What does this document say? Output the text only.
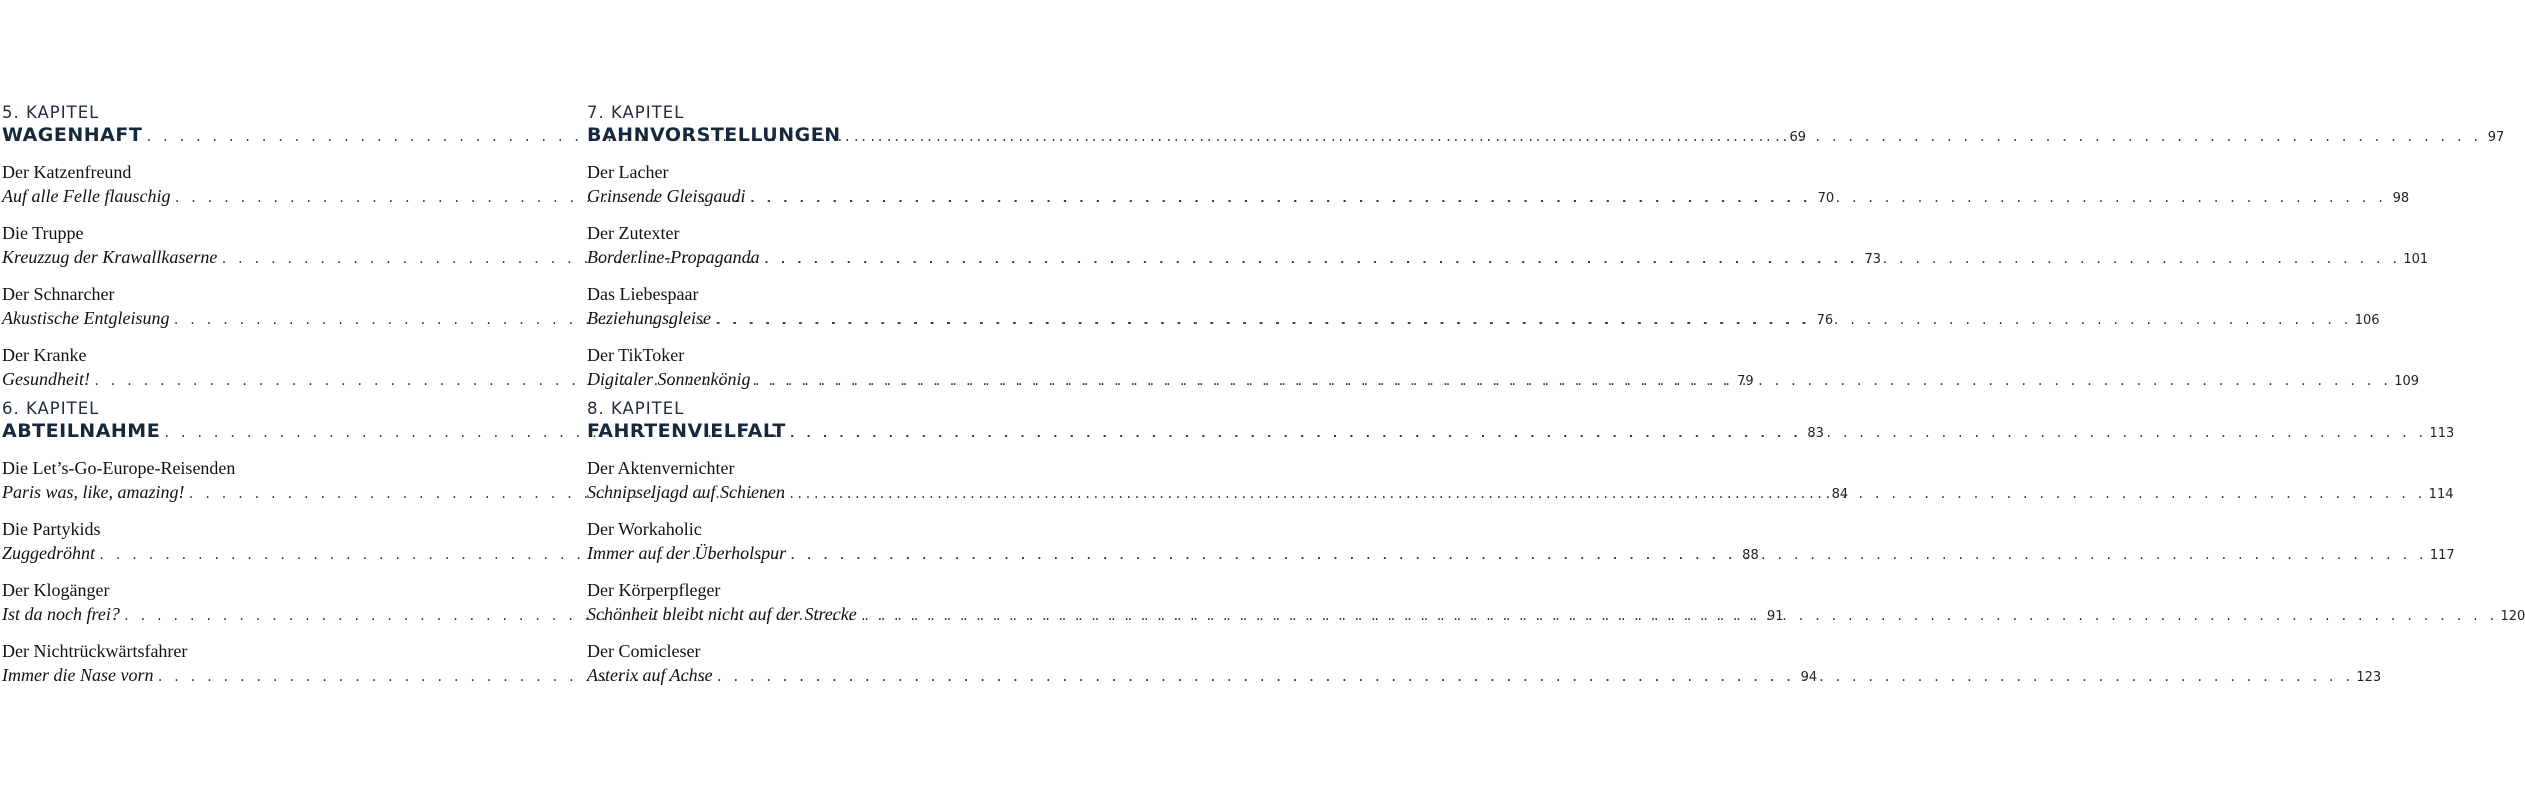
5. KAPITEL
WAGENHAFT . . .	69
Der Katzenfreund
Auf alle Felle flauschig . . .	70
Die Truppe
Kreuzzug der Krawallkaserne . . .	73
Der Schnarcher
Akustische Entgleisung . . .	76
Der Kranke
Gesundheit! . . .	79
6. KAPITEL
ABTEILNAHME . . .	83
Die Let’s-Go-Europe-Reisenden
Paris was, like, amazing! . . .	84
Die Partykids
Zuggedröhnt . . .	88
Der Klogänger
Ist da noch frei? . . .	91
Der Nichtrückwärtsfahrer
Immer die Nase vorn . . .	94
7. KAPITEL
BAHNVORSTELLUNGEN . . .	97
Der Lacher
Grinsende Gleisgaudi . . .	98
Der Zutexter
Borderline-Propaganda . . .	101
Das Liebespaar
Beziehungsgleise . . .	106
Der TikToker
Digitaler Sonnenkönig . . .	109
8. KAPITEL
FAHRTENVIELFALT . . .	113
Der Aktenvernichter
Schnipseljagd auf Schienen . . .	114
Der Workaholic
Immer auf der Überholspur . . .	117
Der Körperpfleger
Schönheit bleibt nicht auf der Strecke . . .	120
Der Comicleser
Asterix auf Achse . . .	123
